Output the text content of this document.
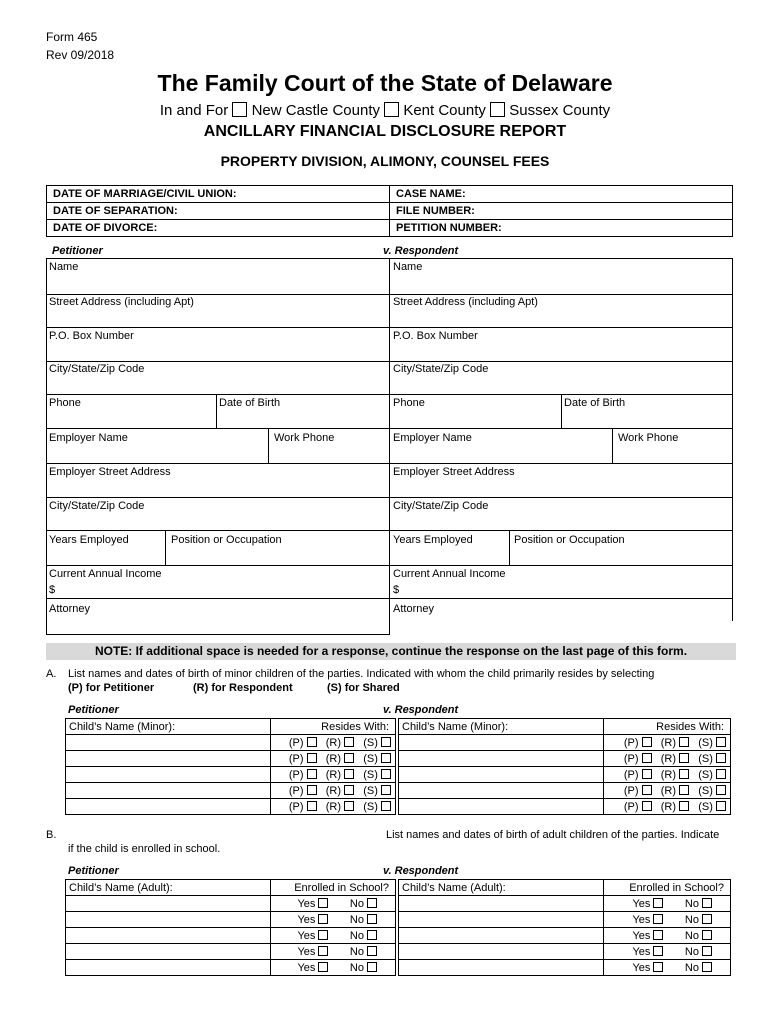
Form 465
Rev 09/2018
The Family Court of the State of Delaware
In and For New Castle County Kent County Sussex County
ANCILLARY FINANCIAL DISCLOSURE REPORT
PROPERTY DIVISION, ALIMONY, COUNSEL FEES
DATE OF MARRIAGE/CIVIL UNION:	CASE NAME:
DATE OF SEPARATION:	FILE NUMBER:
DATE OF DIVORCE:	PETITION NUMBER:
Petitioner	v. Respondent
Name
Street Address (including Apt)
P.O. Box Number
City/State/Zip Code
Phone	Date of Birth
Employer Name	Work Phone
Employer Street Address
City/State/Zip Code
Years Employed	Position or Occupation
Current Annual Income
$
Attorney
Name
Street Address (including Apt)
P.O. Box Number
City/State/Zip Code
Phone	Date of Birth
Employer Name	Work Phone
Employer Street Address
City/State/Zip Code
Years Employed	Position or Occupation
Current Annual Income
$
Attorney
NOTE: If additional space is needed for a response, continue the response on the last page of this form.
A. List names and dates of birth of minor children of the parties. Indicated with whom the child primarily resides by selecting
(P) for Petitioner	(R) for Respondent	(S) for Shared
Petitioner	v. Respondent
Child’s Name (Minor):	Resides With:
	(P) (R) (S)
	(P) (R) (S)
	(P) (R) (S)
	(P) (R) (S)
	(P) (R) (S)
Child’s Name (Minor):	Resides With:
	(P) (R) (S)
	(P) (R) (S)
	(P) (R) (S)
	(P) (R) (S)
	(P) (R) (S)
B.	List names and dates of birth of adult children of the parties. Indicate
if the child is enrolled in school.
Petitioner	v. Respondent
Child’s Name (Adult):	Enrolled in School?
	Yes No
	Yes No
	Yes No
	Yes No
	Yes No
Child’s Name (Adult):	Enrolled in School?
	Yes No
	Yes No
	Yes No
	Yes No
	Yes No
